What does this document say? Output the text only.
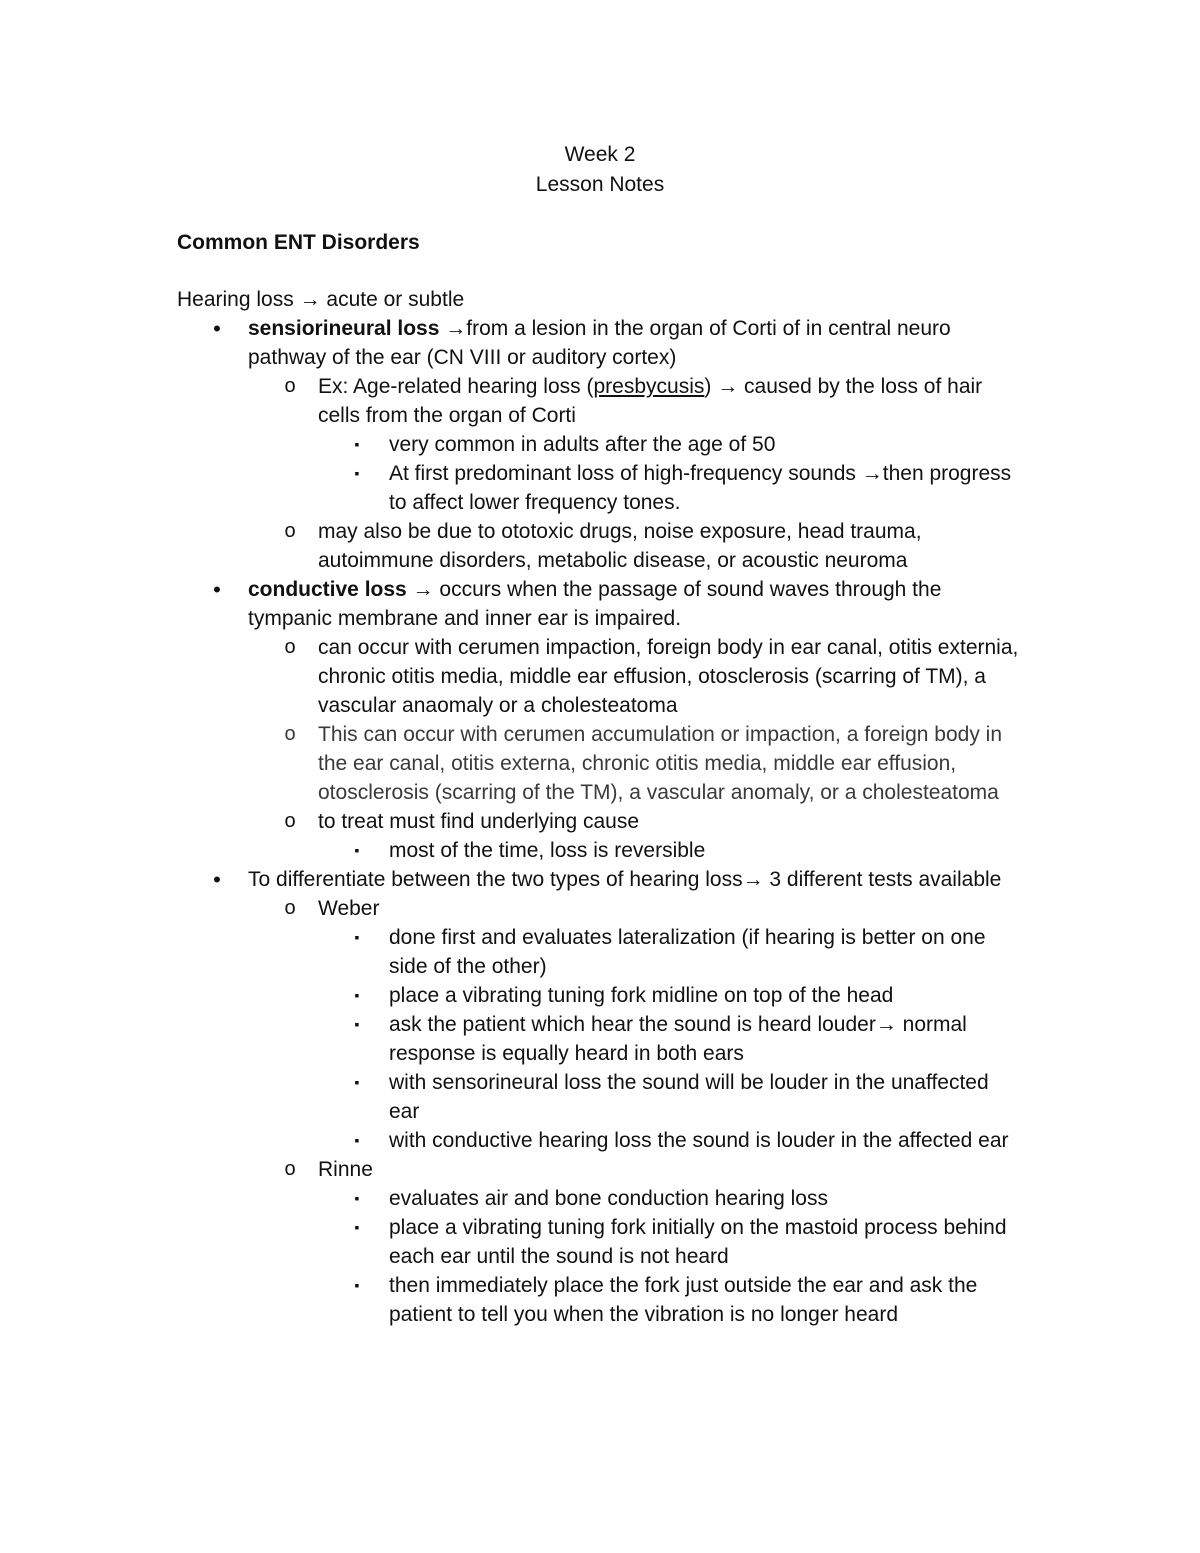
Week 2
Lesson Notes
Common ENT Disorders
Hearing loss → acute or subtle
•	sensiorineural loss →from a lesion in the organ of Corti of in central neuro pathway of the ear (CN VIII or auditory cortex)
o	Ex: Age-related hearing loss (presbycusis) → caused by the loss of hair cells from the organ of Corti
▪	very common in adults after the age of 50
▪	At first predominant loss of high-frequency sounds →then progress to affect lower frequency tones.
o	may also be due to ototoxic drugs, noise exposure, head trauma, autoimmune disorders, metabolic disease, or acoustic neuroma
•	conductive loss → occurs when the passage of sound waves through the tympanic membrane and inner ear is impaired.
o	can occur with cerumen impaction, foreign body in ear canal, otitis externia, chronic otitis media, middle ear effusion, otosclerosis (scarring of TM), a vascular anaomaly or a cholesteatoma
o	This can occur with cerumen accumulation or impaction, a foreign body in the ear canal, otitis externa, chronic otitis media, middle ear effusion, otosclerosis (scarring of the TM), a vascular anomaly, or a cholesteatoma
o	to treat must find underlying cause
▪	most of the time, loss is reversible
•	To differentiate between the two types of hearing loss→ 3 different tests available
o	Weber
▪	done first and evaluates lateralization (if hearing is better on one side of the other)
▪	place a vibrating tuning fork midline on top of the head
▪	ask the patient which hear the sound is heard louder→ normal response is equally heard in both ears
▪	with sensorineural loss the sound will be louder in the unaffected ear
▪	with conductive hearing loss the sound is louder in the affected ear
o	Rinne
▪	evaluates air and bone conduction hearing loss
▪	place a vibrating tuning fork initially on the mastoid process behind each ear until the sound is not heard
▪	then immediately place the fork just outside the ear and ask the patient to tell you when the vibration is no longer heard
